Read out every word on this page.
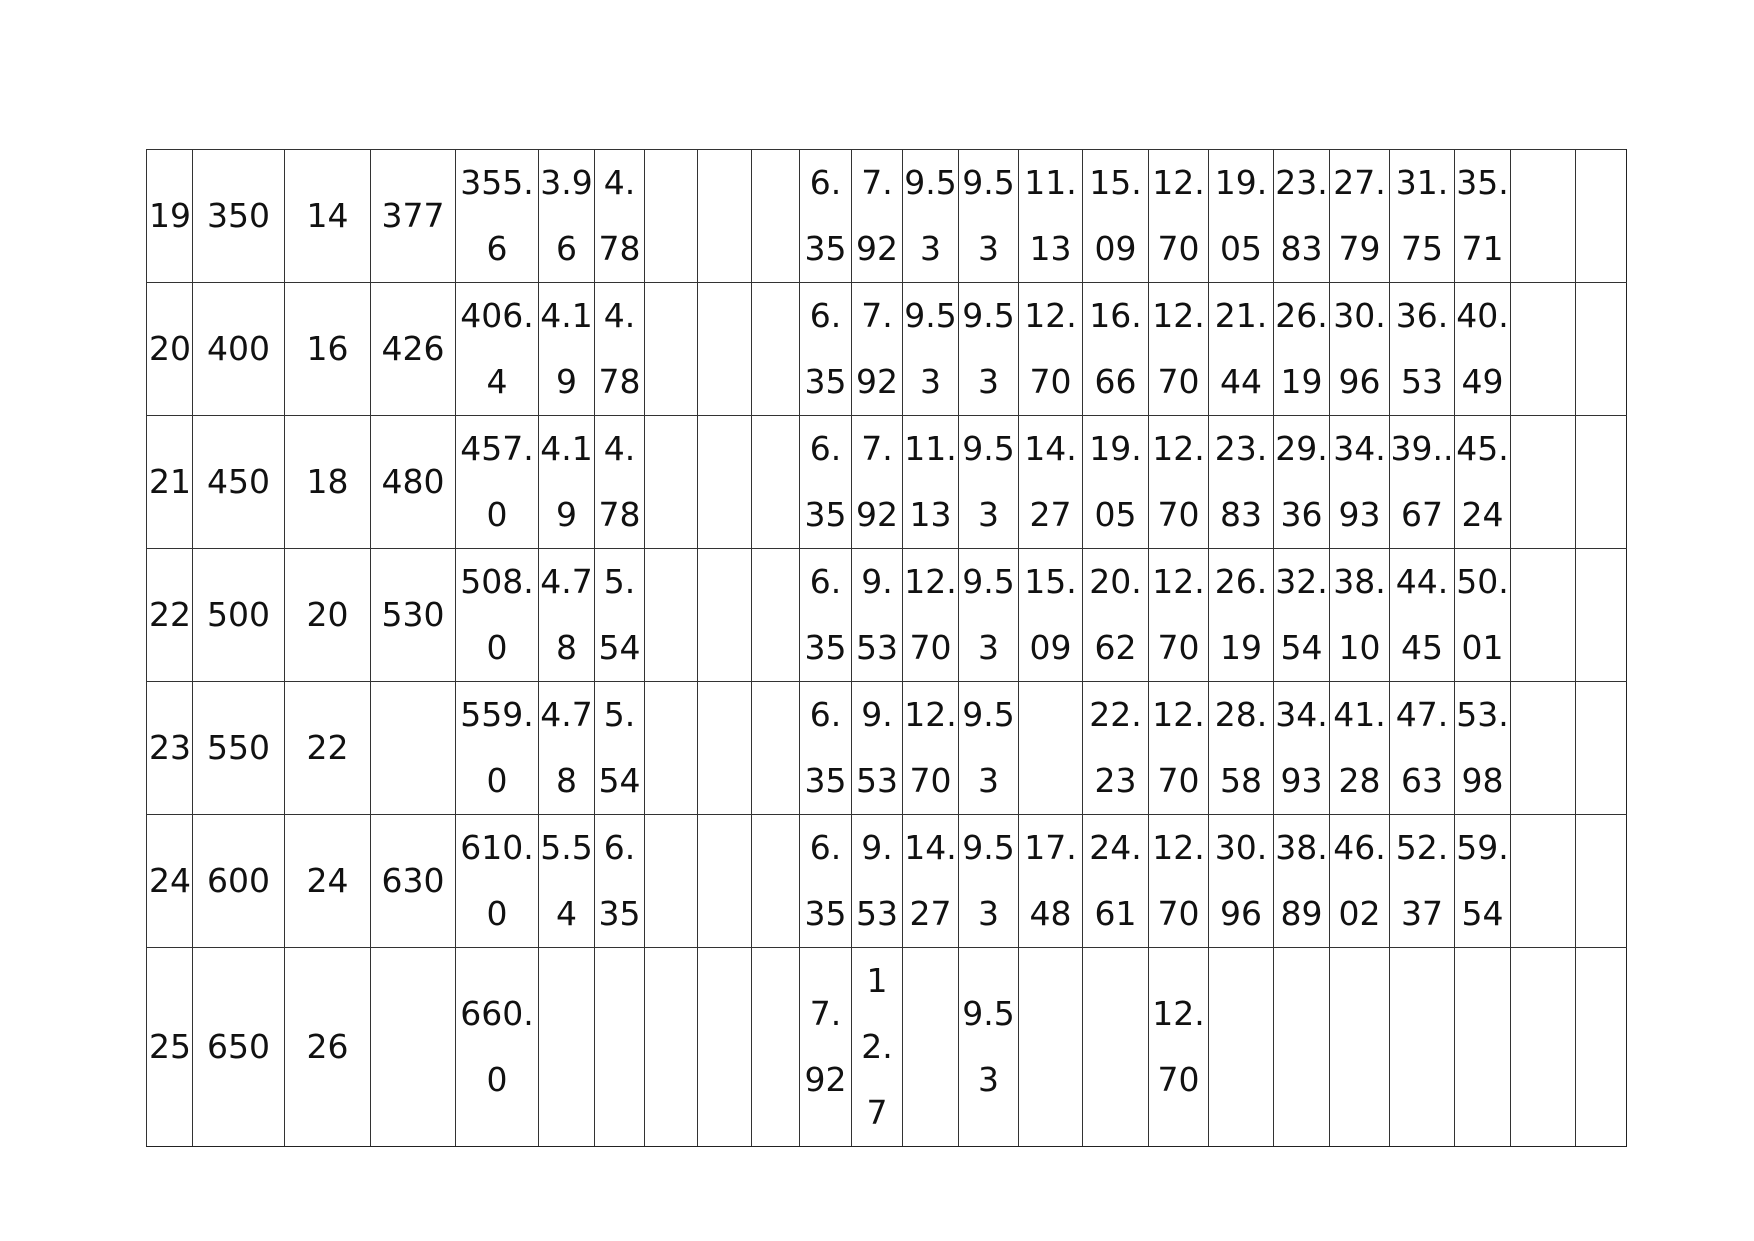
19	350	14	377	355.6	3.96	4.78				6.35	7.92	9.53	9.53	11.13	15.09	12.70	19.05	23.83	27.79	31.75	35.71		
20	400	16	426	406.4	4.19	4.78				6.35	7.92	9.53	9.53	12.70	16.66	12.70	21.44	26.19	30.96	36.53	40.49		
21	450	18	480	457.0	4.19	4.78				6.35	7.92	11.13	9.53	14.27	19.05	12.70	23.83	29.36	34.93	39..67	45.24		
22	500	20	530	508.0	4.78	5.54				6.35	9.53	12.70	9.53	15.09	20.62	12.70	26.19	32.54	38.10	44.45	50.01		
23	550	22		559.0	4.78	5.54				6.35	9.53	12.70	9.53		22.23	12.70	28.58	34.93	41.28	47.63	53.98		
24	600	24	630	610.0	5.54	6.35				6.35	9.53	14.27	9.53	17.48	24.61	12.70	30.96	38.89	46.02	52.37	59.54		
25	650	26		660.0						7.92	12.7		9.53			12.70							
